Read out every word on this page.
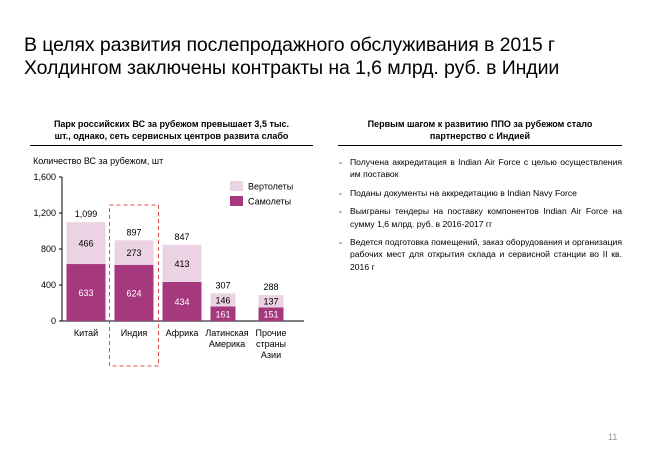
В целях развития послепродажного обслуживания в 2015 г
Холдингом заключены контракты на 1,6 млрд. руб. в Индии
Парк российских ВС за рубежом превышает 3,5 тыс.
шт., однако, сеть сервисных центров развита слабо
Первым шагом к развитию ППО за рубежом стало
партнерство с Индией
Количество ВС за рубежом, шт
0
400
800
1,200
1,600
633
466
1,099
Китай
624
273
897
Индия
434
413
847
Африка
161
146
307
Латинская
Америка
151
137
288
Прочие
страны
Азии
Вертолеты
Самолеты
- Получена аккредитация в Indian Air Force с целью осуществления им поставок
- Поданы документы на аккредитацию в Indian Navy Force
- Выиграны тендеры на поставку компонентов Indian Air Force на сумму 1,6 млрд. руб. в 2016-2017 гг
- Ведется подготовка помещений, заказ оборудования и организация рабочих мест для открытия склада и сервисной станции во II кв. 2016 г
11
